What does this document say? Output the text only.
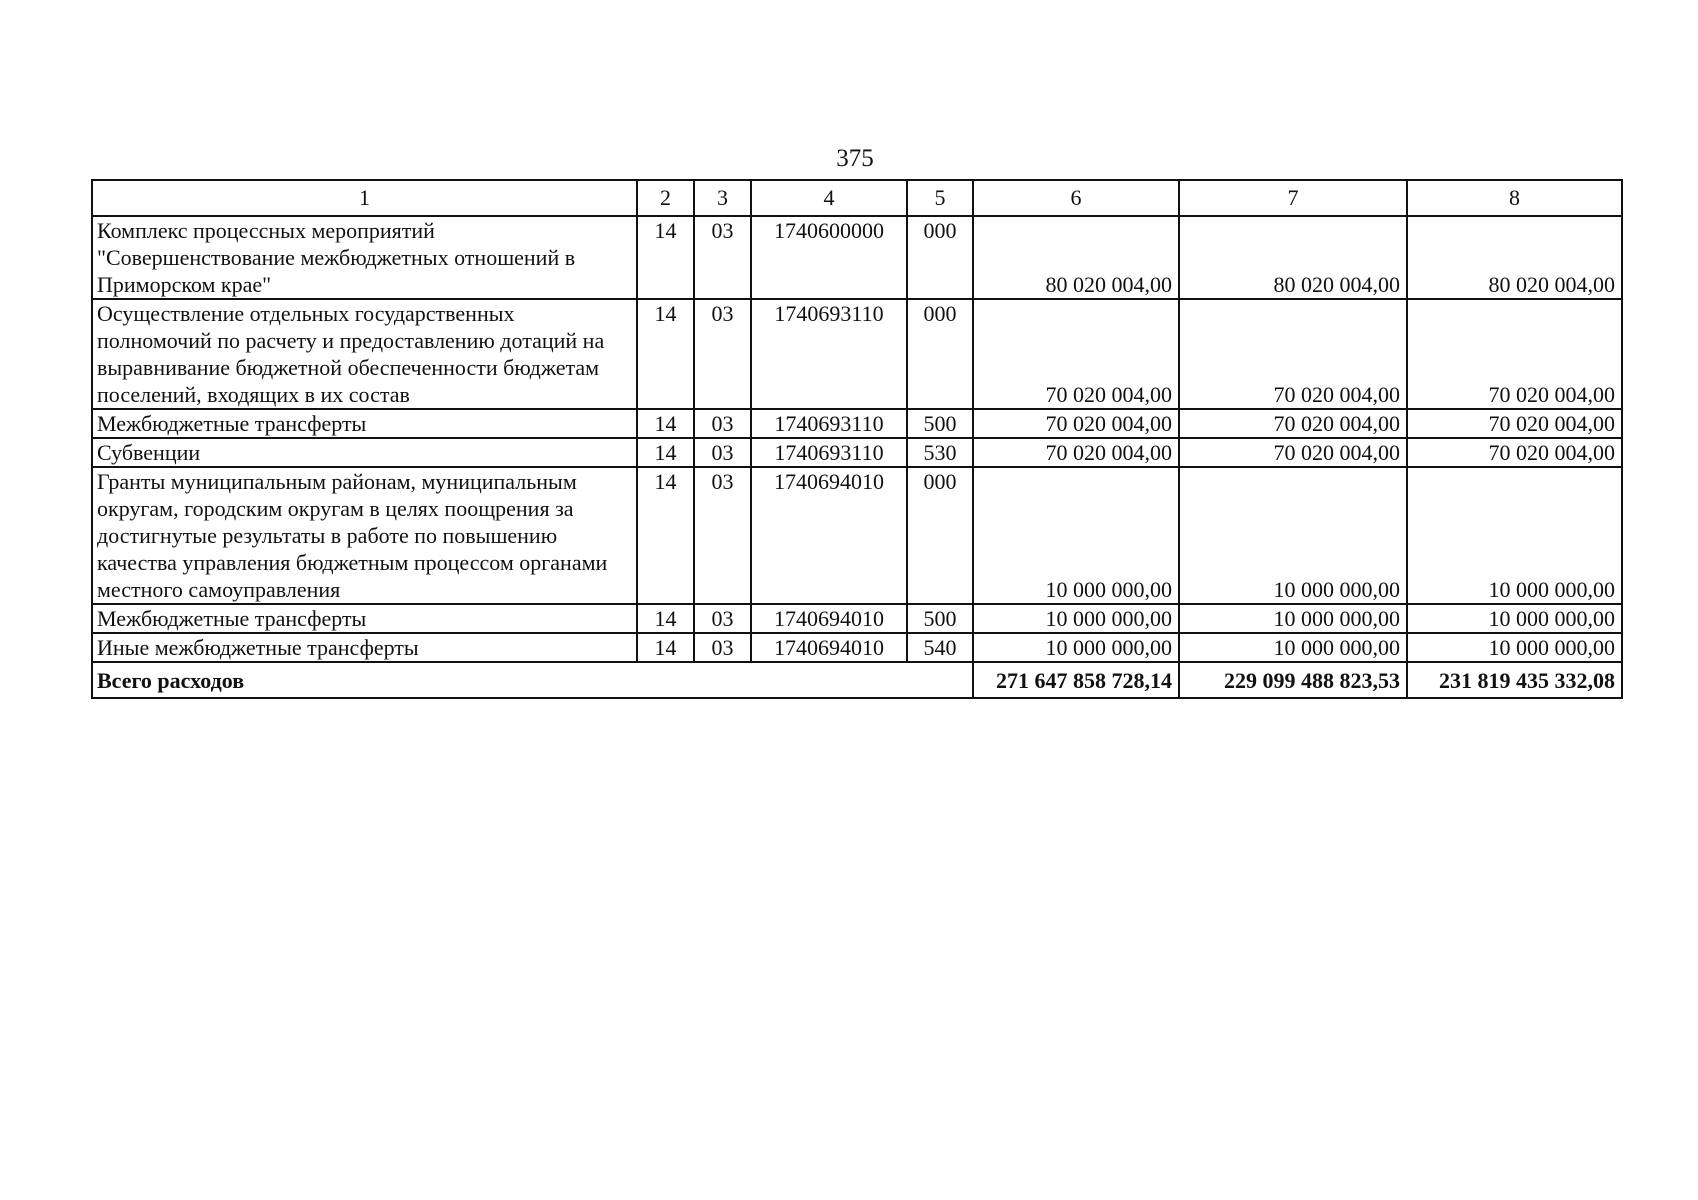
375
1	2	3	4	5	6	7	8
Комплекс процессных мероприятий "Совершенствование межбюджетных отношений в Приморском крае"	14	03	1740600000	000	80 020 004,00	80 020 004,00	80 020 004,00
Осуществление отдельных государственных полномочий по расчету и предоставлению дотаций на выравнивание бюджетной обеспеченности бюджетам поселений, входящих в их состав	14	03	1740693110	000	70 020 004,00	70 020 004,00	70 020 004,00
Межбюджетные трансферты	14	03	1740693110	500	70 020 004,00	70 020 004,00	70 020 004,00
Субвенции	14	03	1740693110	530	70 020 004,00	70 020 004,00	70 020 004,00
Гранты муниципальным районам, муниципальным округам, городским округам в целях поощрения за достигнутые результаты в работе по повышению качества управления бюджетным процессом органами местного самоуправления	14	03	1740694010	000	10 000 000,00	10 000 000,00	10 000 000,00
Межбюджетные трансферты	14	03	1740694010	500	10 000 000,00	10 000 000,00	10 000 000,00
Иные межбюджетные трансферты	14	03	1740694010	540	10 000 000,00	10 000 000,00	10 000 000,00
Всего расходов					271 647 858 728,14	229 099 488 823,53	231 819 435 332,08
